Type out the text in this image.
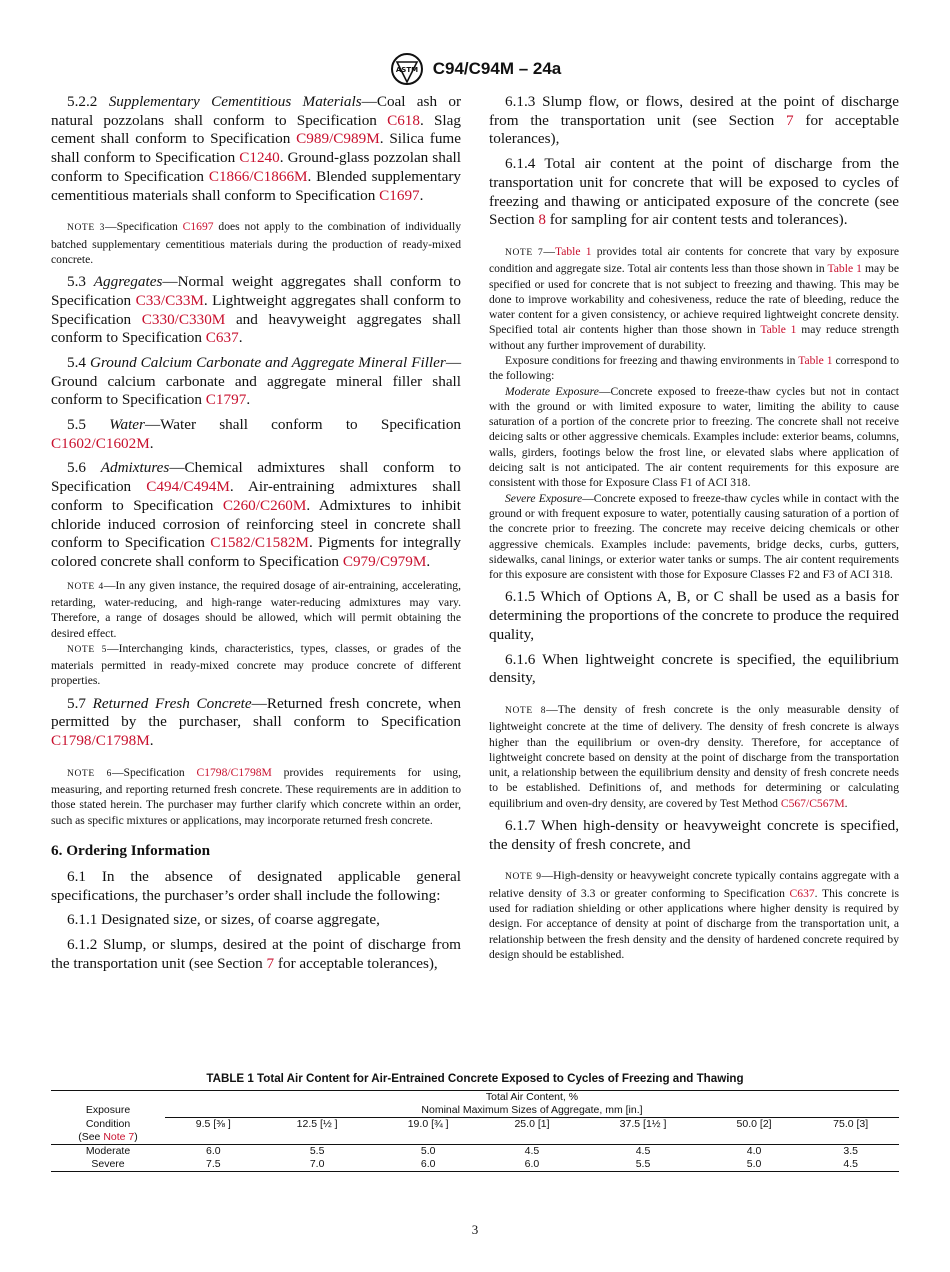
ASTM C94/C94M – 24a

5.2.2 Supplementary Cementitious Materials—Coal ash or natural pozzolans shall conform to Specification C618. Slag cement shall conform to Specification C989/C989M. Silica fume shall conform to Specification C1240. Ground-glass pozzolan shall conform to Specification C1866/C1866M. Blended supplementary cementitious materials shall conform to Specification C1697.

NOTE 3—Specification C1697 does not apply to the combination of individually batched supplementary cementitious materials during the production of ready-mixed concrete.

5.3 Aggregates—Normal weight aggregates shall conform to Specification C33/C33M. Lightweight aggregates shall conform to Specification C330/C330M and heavyweight aggregates shall conform to Specification C637.

5.4 Ground Calcium Carbonate and Aggregate Mineral Filler—Ground calcium carbonate and aggregate mineral filler shall conform to Specification C1797.

5.5 Water—Water shall conform to Specification C1602/C1602M.

5.6 Admixtures—Chemical admixtures shall conform to Specification C494/C494M. Air-entraining admixtures shall conform to Specification C260/C260M. Admixtures to inhibit chloride induced corrosion of reinforcing steel in concrete shall conform to Specification C1582/C1582M. Pigments for integrally colored concrete shall conform to Specification C979/C979M.

NOTE 4—In any given instance, the required dosage of air-entraining, accelerating, retarding, water-reducing, and high-range water-reducing admixtures may vary. Therefore, a range of dosages should be allowed, which will permit obtaining the desired effect.

NOTE 5—Interchanging kinds, characteristics, types, classes, or grades of the materials permitted in ready-mixed concrete may produce concrete of different properties.

5.7 Returned Fresh Concrete—Returned fresh concrete, when permitted by the purchaser, shall conform to Specification C1798/C1798M.

NOTE 6—Specification C1798/C1798M provides requirements for using, measuring, and reporting returned fresh concrete. These requirements are in addition to those stated herein. The purchaser may further clarify which concrete within an order, such as specific mixtures or applications, may incorporate returned fresh concrete.

6. Ordering Information

6.1 In the absence of designated applicable general specifications, the purchaser’s order shall include the following:

6.1.1 Designated size, or sizes, of coarse aggregate,

6.1.2 Slump, or slumps, desired at the point of discharge from the transportation unit (see Section 7 for acceptable tolerances),

6.1.3 Slump flow, or flows, desired at the point of discharge from the transportation unit (see Section 7 for acceptable tolerances),

6.1.4 Total air content at the point of discharge from the transportation unit for concrete that will be exposed to cycles of freezing and thawing or anticipated exposure of the concrete (see Section 8 for sampling for air content tests and tolerances).

NOTE 7—Table 1 provides total air contents for concrete that vary by exposure condition and aggregate size. Total air contents less than those shown in Table 1 may be specified or used for concrete that is not subject to freezing and thawing. This may be done to improve workability and cohesiveness, reduce the rate of bleeding, reduce the water content for a given consistency, or achieve required lightweight concrete density. Specified total air contents higher than those shown in Table 1 may reduce strength without any further improvement of durability.

Exposure conditions for freezing and thawing environments in Table 1 correspond to the following:

Moderate Exposure—Concrete exposed to freeze-thaw cycles but not in contact with the ground or with limited exposure to water, limiting the ability to cause saturation of a portion of the concrete prior to freezing. The concrete shall not receive deicing salts or other aggressive chemicals. Examples include: exterior beams, columns, walls, girders, footings below the frost line, or elevated slabs where application of deicing salt is not anticipated. The air content requirements for this exposure are consistent with those for Exposure Class F1 of ACI 318.

Severe Exposure—Concrete exposed to freeze-thaw cycles while in contact with the ground or with frequent exposure to water, potentially causing saturation of a portion of the concrete prior to freezing. The concrete may receive deicing chemicals or other aggressive chemicals. Examples include: pavements, bridge decks, curbs, gutters, sidewalks, canal linings, or exterior water tanks or sumps. The air content requirements for this exposure are consistent with those for Exposure Classes F2 and F3 of ACI 318.

6.1.5 Which of Options A, B, or C shall be used as a basis for determining the proportions of the concrete to produce the required quality,

6.1.6 When lightweight concrete is specified, the equilibrium density,

NOTE 8—The density of fresh concrete is the only measurable density of lightweight concrete at the time of delivery. The density of fresh concrete is always higher than the equilibrium or oven-dry density. Therefore, for acceptance of lightweight concrete based on density at the point of discharge from the transportation unit, a relationship between the equilibrium density and density of fresh concrete needs to be established. Definitions of, and methods for determining or calculating equilibrium and oven-dry density, are covered by Test Method C567/C567M.

6.1.7 When high-density or heavyweight concrete is specified, the density of fresh concrete, and

NOTE 9—High-density or heavyweight concrete typically contains aggregate with a relative density of 3.3 or greater conforming to Specification C637. This concrete is used for radiation shielding or other applications where higher density is required by design. For acceptance of density at point of discharge from the transportation unit, a relationship between the fresh density and the density of hardened concrete required by design should be established.

TABLE 1 Total Air Content for Air-Entrained Concrete Exposed to Cycles of Freezing and Thawing
	Total Air Content, %						
Exposure	Nominal Maximum Sizes of Aggregate, mm [in.]						
Condition	9.5 [⅜ ]	12.5 [½ ]	19.0 [¾ ]	25.0 [1]	37.5 [1½ ]	50.0 [2]	75.0 [3]
(See Note 7)							
Moderate	6.0	5.5	5.0	4.5	4.5	4.0	3.5
Severe	7.5	7.0	6.0	6.0	5.5	5.0	4.5
3
